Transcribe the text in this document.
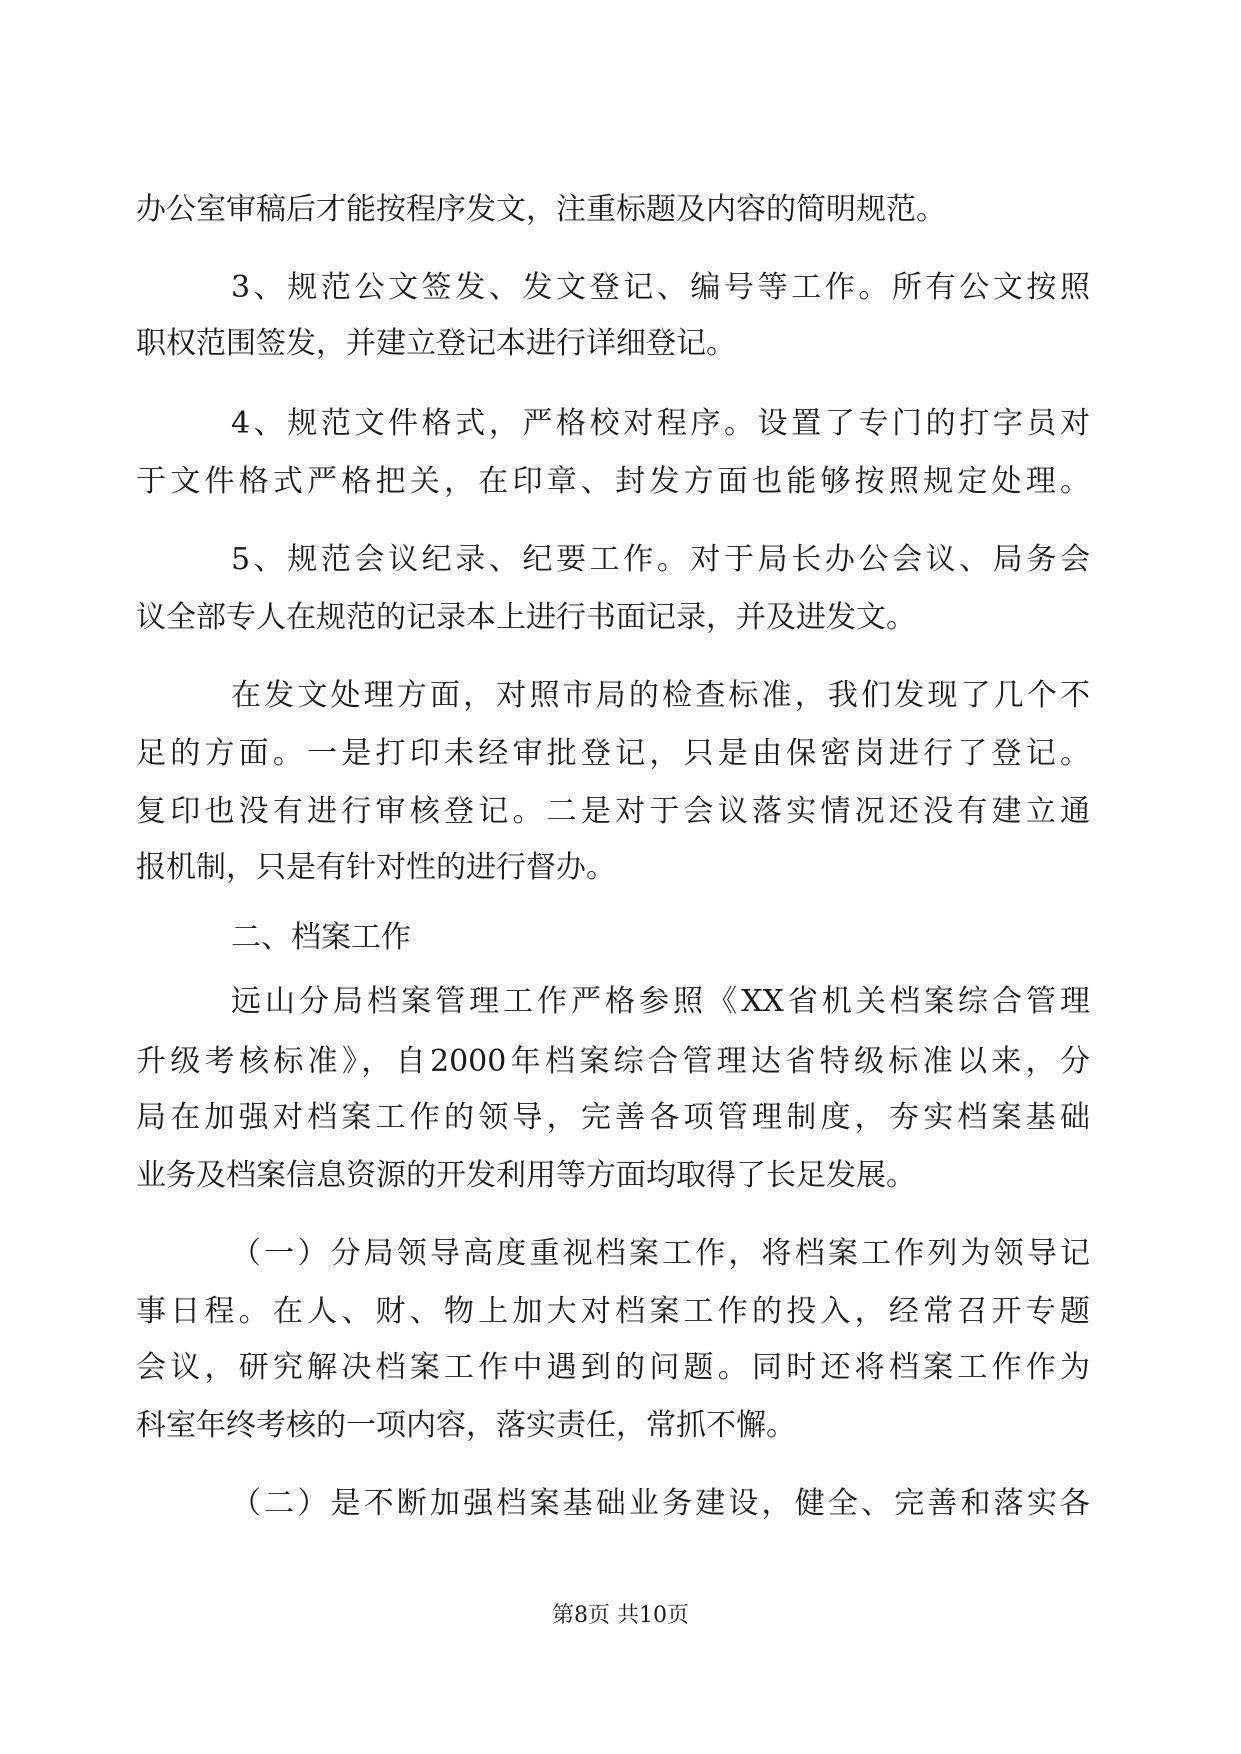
办公室审稿后才能按程序发文，注重标题及内容的简明规范。
3、规范公文签发、发文登记、编号等工作。所有公文按照
职权范围签发，并建立登记本进行详细登记。
4、规范文件格式，严格校对程序。设置了专门的打字员对
于文件格式严格把关，在印章、封发方面也能够按照规定处理。
5、规范会议纪录、纪要工作。对于局长办公会议、局务会
议全部专人在规范的记录本上进行书面记录，并及进发文。
在发文处理方面，对照市局的检查标准，我们发现了几个不
足的方面。一是打印未经审批登记，只是由保密岗进行了登记。
复印也没有进行审核登记。二是对于会议落实情况还没有建立通
报机制，只是有针对性的进行督办。
二、档案工作
远山分局档案管理工作严格参照《XX省机关档案综合管理
升级考核标准》，自2000年档案综合管理达省特级标准以来，分
局在加强对档案工作的领导，完善各项管理制度，夯实档案基础
业务及档案信息资源的开发利用等方面均取得了长足发展。
（一）分局领导高度重视档案工作，将档案工作列为领导记
事日程。在人、财、物上加大对档案工作的投入，经常召开专题
会议，研究解决档案工作中遇到的问题。同时还将档案工作作为
科室年终考核的一项内容，落实责任，常抓不懈。
（二）是不断加强档案基础业务建设，健全、完善和落实各
第8页 共10页
